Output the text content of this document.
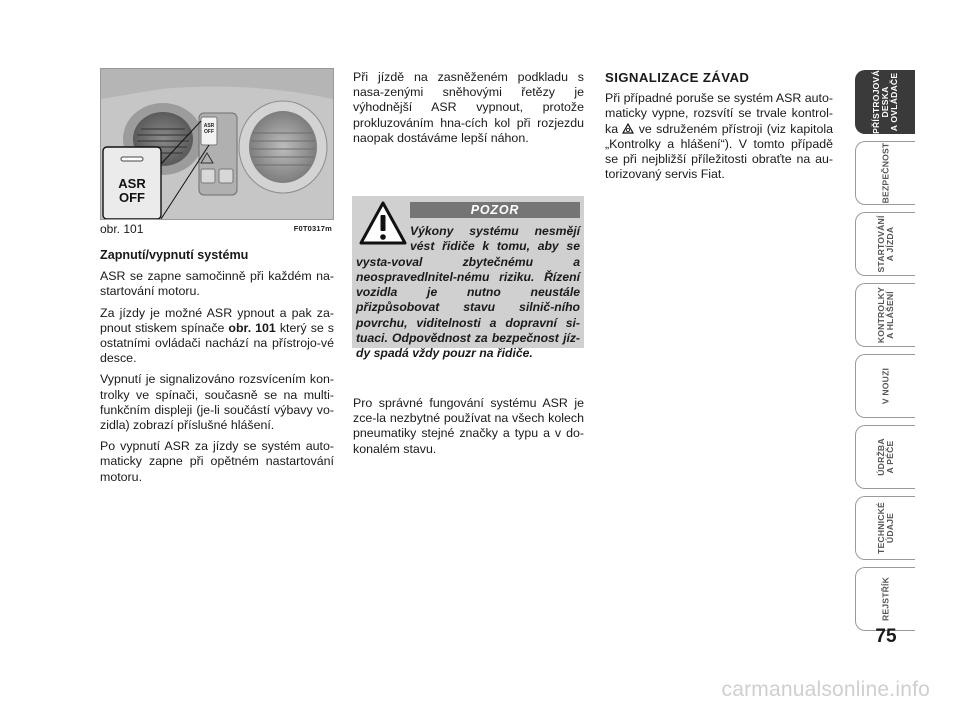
ASR
OFF
ASR
OFF
obr. 101	F0T0317m
Zapnutí/vypnutí systému

ASR se zapne samočinně při každém na-startování motoru.

Za jízdy je možné ASR ypnout a pak za-pnout stiskem spínače obr. 101 který se s ostatními ovládači nachází na přístrojo-vé desce.

Vypnutí je signalizováno rozsvícením kon-trolky ve spínači, současně se na multi-funkčním displeji (je-li součástí výbavy vo-zidla) zobrazí příslušné hlášení.

Po vypnutí ASR za jízdy se systém auto-maticky zapne při opětném nastartování motoru.

Při jízdě na zasněženém podkladu s nasa-zenými sněhovými řetězy je výhodnější ASR vypnout, protože prokluzováním hna-cích kol při rozjezdu naopak dostáváme lepší náhon.

POZOR
Výkony systému nesmějí vést řidiče k tomu, aby se vysta-voval zbytečnému a neospravedlnitel-nému riziku. Řízení vozidla je nutno neustále přizpůsobovat stavu silnič-ního povrchu, viditelnosti a dopravní si-tuaci. Odpovědnost za bezpečnost jíz-dy spadá vždy pouzr na řidiče.

Pro správné fungování systému ASR je zce-la nezbytné používat na všech kolech pneumatiky stejné značky a typu a v do-konalém stavu.

SIGNALIZACE ZÁVAD

Při případné poruše se systém ASR auto-maticky vypne, rozsvítí se trvale kontrol-ka  ve sdruženém přístroji (viz kapitola „Kontrolky a hlášení“). V tomto případě se při nejbližší příležitosti obraťte na au-torizovaný servis Fiat.

PŘÍSTROJOVÁ
DESKA
A OVLÁDAČE
BEZPEČNOST
STARTOVÁNÍ
A JÍZDA
KONTROLKY
A HLÁŠENÍ
V NOUZI
ÚDRŽBA
A PÉČE
TECHNICKÉ
ÚDAJE
REJSTŘÍK
75
carmanualsonline.info
